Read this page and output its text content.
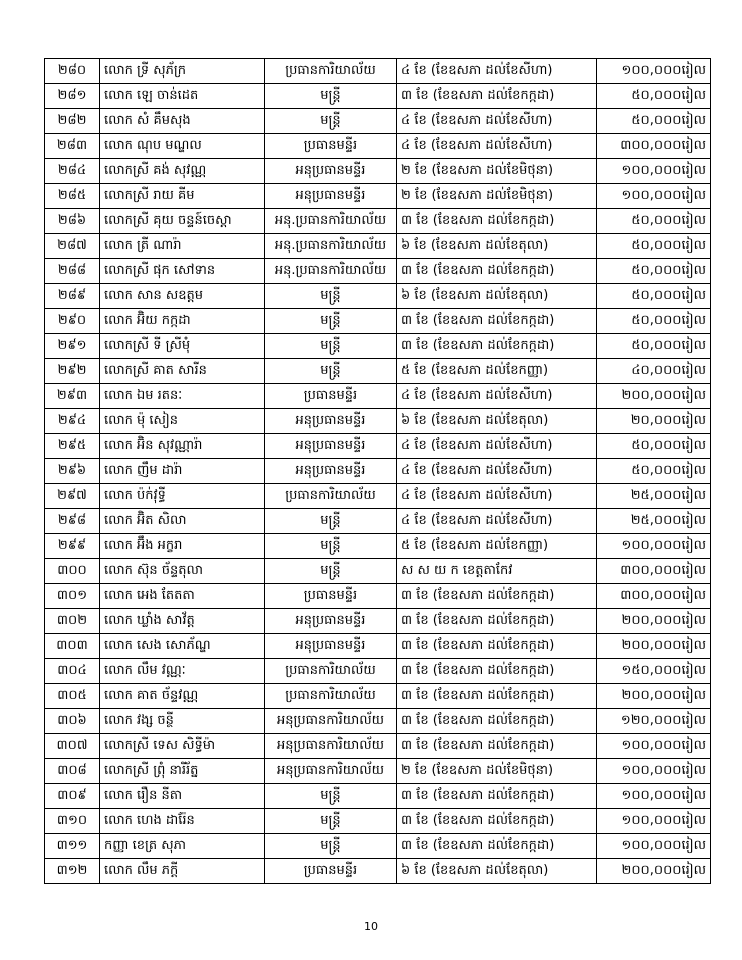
២៨០	លោក ទ្រី សុភ័ក្រ	ប្រធានការិយាល័យ	៤ ខែ (ខែឧសភា ដល់ខែសីហា)	១០០,០០០រៀល
២៨១	លោក ឡេ ចាន់ដេត	មន្ត្រី	៣ ខែ (ខែឧសភា ដល់ខែកក្កដា)	៥០,០០០រៀល
២៨២	លោក សំ គឹមសុង	មន្ត្រី	៤ ខែ (ខែឧសភា ដល់ខែសីហា)	៥០,០០០រៀល
២៨៣	លោក ណុប មណ្ឌល	ប្រធានមន្ទីរ	៤ ខែ (ខែឧសភា ដល់ខែសីហា)	៣០០,០០០រៀល
២៨៤	លោកស្រី គង់ សុវណ្ណ	អនុប្រធានមន្ទីរ	២ ខែ (ខែឧសភា ដល់ខែមិថុនា)	១០០,០០០រៀល
២៨៥	លោកស្រី រាយ គីម	អនុប្រធានមន្ទីរ	២ ខែ (ខែឧសភា ដល់ខែមិថុនា)	១០០,០០០រៀល
២៨៦	លោកស្រី គុយ ចន្ទន៍ចេស្តា	អនុ.ប្រធានការិយាល័យ	៣ ខែ (ខែឧសភា ដល់ខែកក្កដា)	៥០,០០០រៀល
២៨៧	លោក ត្រី ណារ៉ា	អនុ.ប្រធានការិយាល័យ	៦ ខែ (ខែឧសភា ដល់ខែតុលា)	៥០,០០០រៀល
២៨៨	លោកស្រី ផុក សៅទាន	អនុ.ប្រធានការិយាល័យ	៣ ខែ (ខែឧសភា ដល់ខែកក្កដា)	៥០,០០០រៀល
២៨៩	លោក សាន សឧត្តម	មន្ត្រី	៦ ខែ (ខែឧសភា ដល់ខែតុលា)	៥០,០០០រៀល
២៩០	លោក អ៊ិយ កក្កដា	មន្ត្រី	៣ ខែ (ខែឧសភា ដល់ខែកក្កដា)	៥០,០០០រៀល
២៩១	លោកស្រី ទី ស្រីមុំ	មន្ត្រី	៣ ខែ (ខែឧសភា ដល់ខែកក្កដា)	៥០,០០០រៀល
២៩២	លោកស្រី គាត សារីន	មន្ត្រី	៥ ខែ (ខែឧសភា ដល់ខែកញ្ញា)	៤០,០០០រៀល
២៩៣	លោក ឯម រតនៈ	ប្រធានមន្ទីរ	៤ ខែ (ខែឧសភា ដល់ខែសីហា)	២០០,០០០រៀល
២៩៤	លោក ម៉ុ សៀន	អនុប្រធានមន្ទីរ	៦ ខែ (ខែឧសភា ដល់ខែតុលា)	២០,០០០រៀល
២៩៥	លោក អ៊ិន សុវណ្ណារ៉ា	អនុប្រធានមន្ទីរ	៤ ខែ (ខែឧសភា ដល់ខែសីហា)	៥០,០០០រៀល
២៩៦	លោក ញឹម ដារ៉ា	អនុប្រធានមន្ទីរ	៤ ខែ (ខែឧសភា ដល់ខែសីហា)	៥០,០០០រៀល
២៩៧	លោក ប៉ក់វុទ្ធី	ប្រធានការិយាល័យ	៤ ខែ (ខែឧសភា ដល់ខែសីហា)	២៥,០០០រៀល
២៩៨	លោក អ៊ិត សិលា	មន្ត្រី	៤ ខែ (ខែឧសភា ដល់ខែសីហា)	២៥,០០០រៀល
២៩៩	លោក អ៊ឹង អក្ខរា	មន្ត្រី	៥ ខែ (ខែឧសភា ដល់ខែកញ្ញា)	១០០,០០០រៀល
៣០០	លោក ស៊ុន ច័ន្ទតុលា	មន្ត្រី	ស ស យ ក ខេត្តតាកែវ	៣០០,០០០រៀល
៣០១	លោក អេង តែតតា	ប្រធានមន្ទីរ	៣ ខែ (ខែឧសភា ដល់ខែកក្កដា)	៣០០,០០០រៀល
៣០២	លោក ឃ្លាំង សាវ័ត្ត	អនុប្រធានមន្ទីរ	៣ ខែ (ខែឧសភា ដល់ខែកក្កដា)	២០០,០០០រៀល
៣០៣	លោក សេង សោភ័ណ្ឌ	អនុប្រធានមន្ទីរ	៣ ខែ (ខែឧសភា ដល់ខែកក្កដា)	២០០,០០០រៀល
៣០៤	លោក លឹម វណ្ណៈ	ប្រធានការិយាល័យ	៣ ខែ (ខែឧសភា ដល់ខែកក្កដា)	១៥០,០០០រៀល
៣០៥	លោក គាត ច័ន្ទវណ្ណ	ប្រធានការិយាល័យ	៣ ខែ (ខែឧសភា ដល់ខែកក្កដា)	២០០,០០០រៀល
៣០៦	លោក វង្ស ចន្ថី	អនុប្រធានការិយាល័យ	៣ ខែ (ខែឧសភា ដល់ខែកក្កដា)	១២០,០០០រៀល
៣០៧	លោកស្រី ទេស សិទ្ធីម៉ា	អនុប្រធានការិយាល័យ	៣ ខែ (ខែឧសភា ដល់ខែកក្កដា)	១០០,០០០រៀល
៣០៨	លោកស្រី ព្រុំ នារីរ័ត្ន	អនុប្រធានការិយាល័យ	២ ខែ (ខែឧសភា ដល់ខែមិថុនា)	១០០,០០០រៀល
៣០៩	លោក រឿន នីតា	មន្ត្រី	៣ ខែ (ខែឧសភា ដល់ខែកក្កដា)	១០០,០០០រៀល
៣១០	លោក ហេង ដារ៉ែន	មន្ត្រី	៣ ខែ (ខែឧសភា ដល់ខែកក្កដា)	១០០,០០០រៀល
៣១១	កញ្ញា ខេត្រ សុភា	មន្ត្រី	៣ ខែ (ខែឧសភា ដល់ខែកក្កដា)	១០០,០០០រៀល
៣១២	លោក លឹម ភក្តី	ប្រធានមន្ទីរ	៦ ខែ (ខែឧសភា ដល់ខែតុលា)	២០០,០០០រៀល
10
